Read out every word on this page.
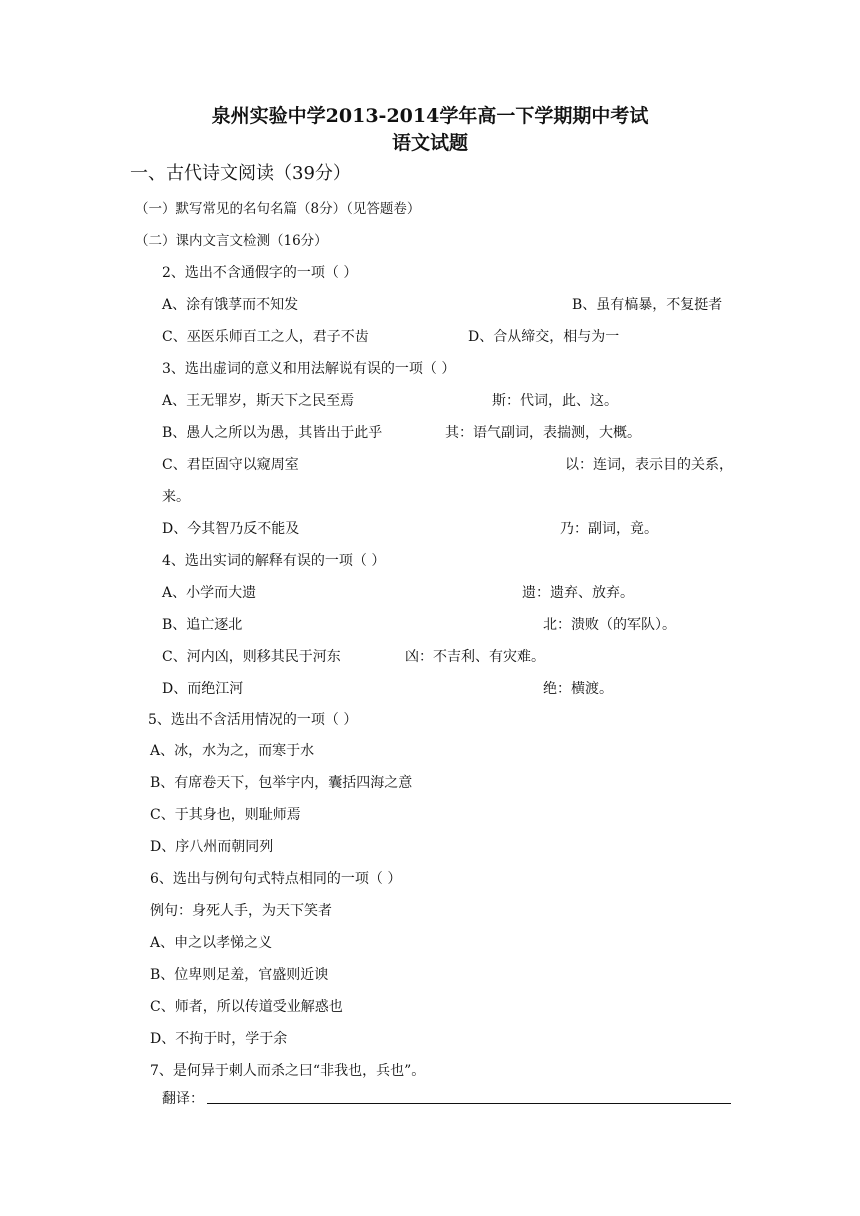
泉州实验中学2013-2014学年高一下学期期中考试
语文试题
一、古代诗文阅读（39分）
（一）默写常见的名句名篇（8分）（见答题卷）
（二）课内文言文检测（16分）
2、选出不含通假字的一项（ ）
A、涂有饿莩而不知发	B、虽有槁暴，不复挺者
C、巫医乐师百工之人，君子不齿	D、合从缔交，相与为一
3、选出虚词的意义和用法解说有误的一项（ ）
A、王无罪岁，斯天下之民至焉	斯：代词，此、这。
B、愚人之所以为愚，其皆出于此乎	其：语气副词，表揣测，大概。
C、君臣固守以窥周室	以：连词，表示目的关系，
来。
D、今其智乃反不能及	乃：副词，竟。
4、选出实词的解释有误的一项（ ）
A、小学而大遗	遗：遗弃、放弃。
B、追亡逐北	北：溃败（的军队）。
C、河内凶，则移其民于河东	凶：不吉利、有灾难。
D、而绝江河	绝：横渡。
5、选出不含活用情况的一项（ ）
A、冰，水为之，而寒于水
B、有席卷天下，包举宇内，囊括四海之意
C、于其身也，则耻师焉
D、序八州而朝同列
6、选出与例句句式特点相同的一项（ ）
例句：身死人手，为天下笑者
A、申之以孝悌之义
B、位卑则足羞，官盛则近谀
C、师者，所以传道受业解惑也
D、不拘于时，学于余
7、是何异于刺人而杀之曰“非我也，兵也”。
翻译：
